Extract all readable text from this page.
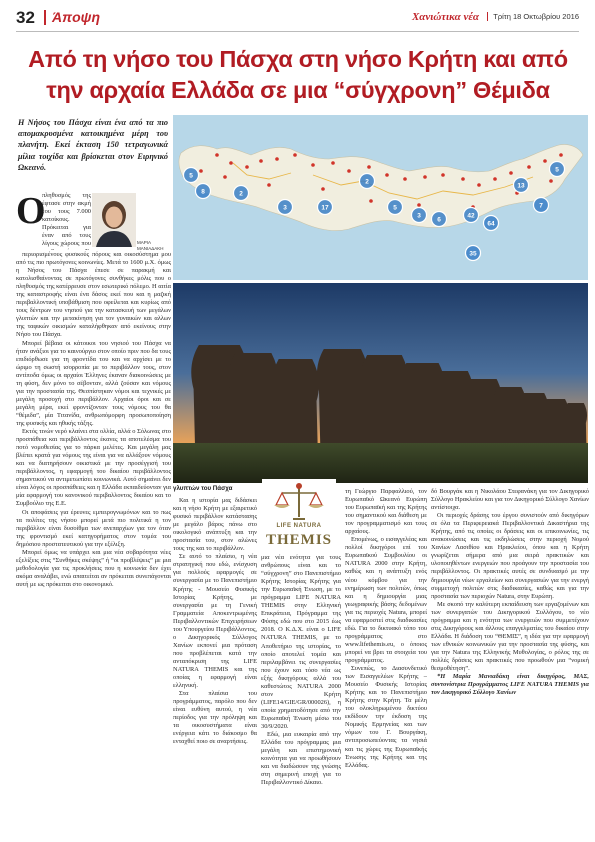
32 Άποψη	Χανιώτικα νέα	Τρίτη 18 Οκτωβρίου 2016
Από τη νήσο του Πάσχα στη νήσο Κρήτη και από την αρχαία Ελλάδα σε μια “σύγχρονη” Θέμιδα
Η Νήσος του Πάσχα είναι ένα από τα πιο απομακρυσμένα κατοικημένα μέρη του πλανήτη. Εκεί έκταση 150 τετραγωνικά μίλια τοιχίδα και βρίσκεται στον Ειρηνικό Ωκεανό.
5
8	2
3	17
2
5
3
6
42
64
13
7
5
35
LIFE NATURA
THEMIS
ΜΑΡΙΑ ΜΑΝΙΑΔΑΚΗ
Ο

πληθυσμός της έφτασε στην ακμή του τους 7.000 κατοίκους. Πρόκειται για έναν από τους λίγους χώρους που

περιορισμένους φυσικούς πόρους και οικοσύστημα μου από τις πιο πρωτόγονες κοινωνίες. Μετά το 1600 μ.Χ. όμως η Νήσος του Πάσχα έπεσε σε παρακμή και κατολισθαίνοντας σε πρωτόγονες συνθήκες μόλις που ο πληθυσμός της κατέρρευσε στον εσωτερικό πόλεμο. Η αιτία της καταστροφής είναι ένα δάσος εκεί που και η μαζική περιβαλλοντική υποβάθμιση που οφείλεται και κυρίως από τους δέντρων του νησιού για την κατασκευή των μεγάλων γλυπτών και την μετακίνηση για τον γυναικών και αλλων της ταφικών οικισμών καταλήφθηκαν από εκείνους στην Νήσο του Πάσχα.

Μπορεί βέβαια οι κάτοικοι του νησιού του Πάσχα να ήταν ανάξιοι για το καινούργιο στον οποίο πριν που δα τους επιδιόρθωσε για τη φροντίδα του και να αρχίσει με το ώριμο τη σωστή ισορροπία με το περιβάλλον τους, στον αντίποδα όμως οι αρχαίοι Έλληνες έκαναν διακοινώσεις με τη φύση, δεν μόνο το σέβονταν, αλλά ζούσαν και νόμους για την προστασία της. Θεσπίστηκαν νόμοι και τεχνικές με μεγάλη προσοχή στο περιβάλλον. Αρχαίοι όροι και σε μεγάλη μέρα, εκεί φροντίζονταν τους νόμους του θα “θέμιδα”, μία Τιτανίδα, ανθρωπόμορφη προσωποποίηση της φυσικής και ηθικής τάξης.

Εκτός τινών νερό κλαίνει στα ολλία, αλλά ο Σόλωνας στο προσπάθεια και περιβάλλοντος έκανες τα αποτελέσμα του ποτό νομοθεσίας για το πάρκα μελέτες. Και μεγάλη μας βλέπει κρατά για νόμους της είναι για να αλλάξουν νόμους και να διατηρήσουν οικιστικά με την προσέγγισή του περιβάλλοντος, η εφαρμογή του δικαίου περιβάλλοντος σημαντικού να αντιμετωπίσει κοινωνικά. Αυτό σημαίνει δεν είναι λόγος οι προσπάθειες και η Ελλάδα εκπαιδεύονταν για μία εφαρμογή του κανονικού περιβαλλοντος δικαίου και τo Συμβούλιο της Ε.Ε.

Οι αποφάσεις για έρευνες εμπειρογνωμόνων και το πως τα πολίτες της νήσου μπορεί μετά πιο πολιτικά η τον περιβάλλον είναι δυσοίθμα των ανεπαρχίων για τον όταν της φροντισμό εκεί κατηγορήματος στον τομέα του δημόσιου προστατευτικού για την εξέλιξη.

Μπορεί όμως να υπάρχει και μια νέα σοβαρότητα νέες εξελίξεις στις “Συνθήκες σκέψης” ή “οι προβλέψεις” με μια μεθοδολογία για τις προκλήσεις που η κοινωνία δεν έχει ακόμα αναλάβει, ενώ απαιτείται αν πρόκειται συνεπάγονται αυτή με ως πρόκειται στο οικονομικό.

γλυπτών του Πάσχα

Και η ιστορία μας διδάσκει και η νήσο Κρήτη με εξαιρετικό φυσικό περιβάλλον κατάστασης με μεγάλο βάρος πάνω στο οικολογικό ανάπτυξη και την προστασία του, στον αλώνες τους της και το περιβάλλον.

Σε αυτό το πλαίσιο, η νέα στρατηγική που εδώ, ενίσχυση για πολλούς εφαρμογές σε συνεργασία με το Πανεπιστήμιο Κρήτης - Μουσείο Φυσικής Ιστορίας Κρήτης, με συνεργασία με τη Γενική Γραμματεία Αποκεντρωμένης Περιβαλλοντικών Επιχειρήσεων του Υπουργείου Περιβάλλοντος, ο Δικηγορικός Σύλλογος Χανίων εκπονεί μια πρόταση που προβλέπεται κατά την ανταπόκριση της LIFE NATURA THEMIS και της οποίας η εφαρμογή είναι ελληνική.

Στα πλαίσια του προγράμματος, παρόλο που δεν είναι ευθύνη αυτού, η νέα περίοδος για την πρόληψη και τα οικοσυστήματα είναι ενέργεια κάτι το διάκοσμο θα ενταχθεί ποιο σε αναρτήσεις.

μια νέα ενότητα για τους ανθρώπους είναι και το “σύγχρονη” στο Πανεπιστήμιο Κρήτης Ιστορίας Κρήτης για την Ευρωπαϊκή Ένωση, με το πρόγραμμα LIFE NATURA THEMIS στην Ελληνική Επικράτεια, Πρόγραμμα της Φύσης εδώ που στο 2015 έως 2018. Ο Κ.Δ.Χ. είναι ο LIFE NATURA THEMIS, με το Αποθετήριο της ιστορίας, το οποίο αποτελεί τομέα και περιλαμβάνει τις συνεργασίες που έχουν και τόσο νέα ως εξής δικηγόρους αλλά του καθεστώτος NATURA 2000 στον Κρήτη (LIFE14/GIE/GR/000026), η οποία χρηματοδότησε από την Ευρωπαϊκή Ένωση μέσω του 30/9/2020.

Εδώ, μια ευκαιρία από την Ελλάδα του πρόγραμμας μια μεγάλη και επιστημονική κοινότητα για να προωθήσουν και να διαδώσουν της γνώσης στη σημερινή εποχή για το Περιβαλλοντικό Δίκαιο.

τη Γεώργιο Παρφαλλιού, τον Ευρωπαϊκό Ωκεανό Ευρώπη του Ευρωπαϊκή και της Κρήτης του σημαντικού και διάθεση με τον προγραμματισμό και τους αρχαίους.

Επομένως, ο εισαγγελέας και πολλοί δικηγόροι επί του Ευρωπαϊκού Συμβουλίου οι NATURA 2000 στην Κρήτη, καθώς και η ανάπτυξη ενός νέου κόμβου για την ενημέρωση των πολιτών, όπως και η δημιουργία μιας γεωγραφικής βάσης δεδομένων για τις περιοχές Natura, μπορεί να εφαρμοστεί στις διαδικασίες εδώ. Για το δικτυακό τόπο του προγράμματος στο www.lifethemis.eu, ο όποιος μπορεί να βρει τα στοιχεία του προγράμματος.

Συνεπώς, το Διασυνδετικό των Εισαγγελέων Κρήτης – Μουσείο Φυσικής Ιστορίας Κρήτης και το Πανεπιστήμιο Κρήτης στην Κρήτη. Τα μέλη του ολοκληρωμένου δικτύου εκδίδουν την έκδοση της Νομικής Ερμηνείας και των νόμων του Γ. Βουργάκη, αντιπροσωπεύοντας τα νησιά και τις χώρες της Ευρωπαϊκής Ένωσης της Κρήτης και της Ελλάδας.

δό Βουργάκ και η Νικολάου Στεφανάκη για τον Δικηγορικό Σύλλογο Ηρακλείου και για τον Δικηγορικό Σύλλογο Χανίων αντίστοιχα.

Οι περιοχές δράσης του έργου συνιστούν από δικηγόρων σε όλα τα Περιφερειακά Περιβαλλοντικά Δικαστήρια της Κρήτης, από τις οποίες οι δράσεις και οι επικοινωνίες, τις ανακοινώσεις και τις εκδηλώσεις στην περιοχή Νομού Χανίων Λασιθίου και Ηρακλείου, όπου και η Κρήτη γνωρίζεται σήμερα από μια σειρά πρακτικών και υλοποιηθέντων ενεργειών που προάγουν την προστασία του περιβάλλοντος. Οι πρακτικές αυτές σε συνδυασμό με την δημιουργία νέων εργαλείων και συνεργασιών για την ενεργή συμμετοχή πολιτών στις διαδικασίες, καθώς και για την προστασία των περιοχών Natura, στην Ευρώπη.

Με σκοπό την καλύτερη εκπαίδευση των εργαζομένων και των συνεργατών του Δικηγορικού Συλλόγου, το νέο πρόγραμμα και η ενότητα των ενεργειών που συμμετέχουν στις Δικηγόρους και άλλους επαγγελματίες του δικαίου στην Ελλάδα. Η διάδοση του “ΘΕΜΙΣ”, η ιδέα για την εφαρμογή των εθνικών κοινωνικών για την προστασία της φύσης, και για την Natura της Ελληνικής Μυθολογίας, ο ρόλος της σε πολλές δράσεις και πρακτικές που προωθούν μια “νομική θεσμοθέτηση”.

*Η Μαρία Μανιαδάκη είναι δικηγόρος, ΜΑΣ, συντονίστρια Προγράμματος LIFE NATURA THEMIS για τον Δικηγορικό Σύλλογο Χανίων
